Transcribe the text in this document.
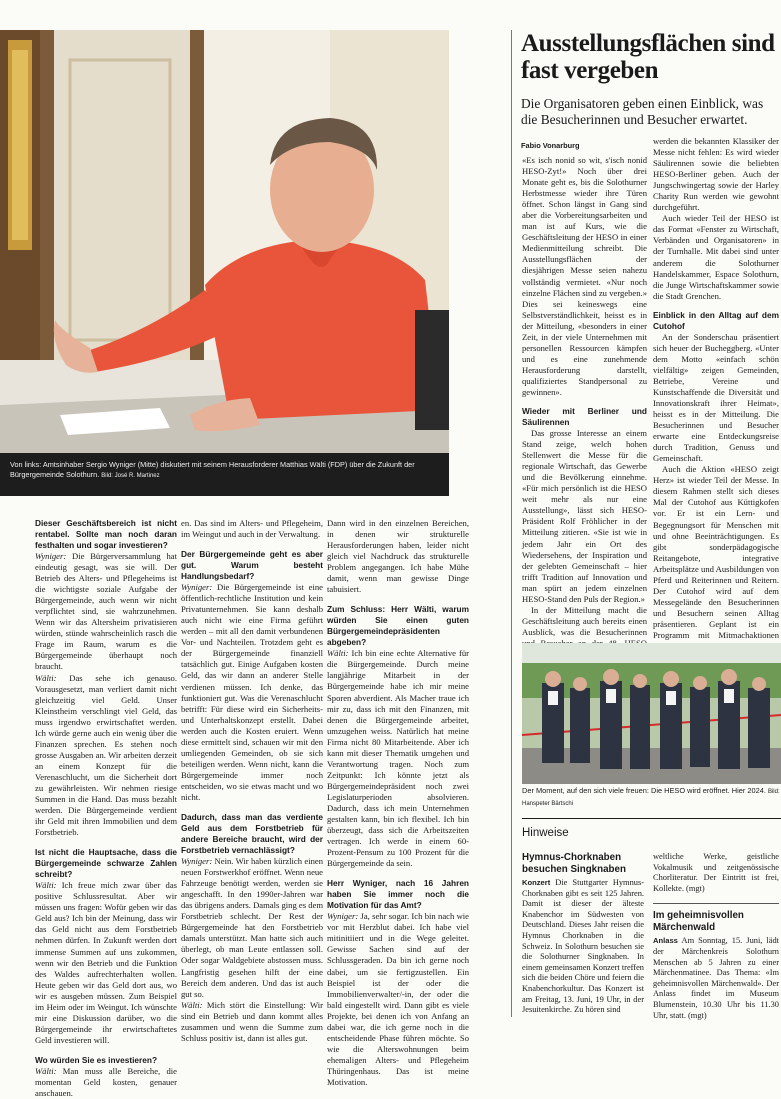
Von links: Amtsinhaber Sergio Wyniger (Mitte) diskutiert mit seinem Herausforderer Matthias Wälti (FDP) über die Zukunft der Bürgergemeinde Solothurn. Bild: José R. Martinez

Dieser Geschäftsbereich ist nicht rentabel. Sollte man noch daran festhalten und sogar investieren?

Wyniger: Die Bürgerversammlung hat eindeutig gesagt, was sie will. Der Betrieb des Alters- und Pflegeheims ist die wichtigste soziale Aufgabe der Bürgergemeinde, auch wenn wir nicht verpflichtet sind, sie wahrzunehmen. Wenn wir das Altersheim privatisieren würden, stünde wahrscheinlich rasch die Frage im Raum, warum es die Bürgergemeinde überhaupt noch braucht.

Wälti: Das sehe ich genauso. Vorausgesetzt, man verliert damit nicht gleichzeitig viel Geld. Unser Kleinstheim verschlingt viel Geld, das muss irgendwo erwirtschaftet werden. Ich würde gerne auch ein wenig über die Finanzen sprechen. Es stehen noch grosse Ausgaben an. Wir arbeiten derzeit an einem Konzept für die Verenaschlucht, um die Sicherheit dort zu gewährleisten. Wir nehmen riesige Summen in die Hand. Das muss bezahlt werden. Die Bürgergemeinde verdient ihr Geld mit ihren Immobilien und dem Forstbetrieb.

Ist nicht die Hauptsache, dass die Bürgergemeinde schwarze Zahlen schreibt?

Wälti: Ich freue mich zwar über das positive Schlussresultat. Aber wir müssen uns fragen: Wofür geben wir das Geld aus? Ich bin der Meinung, dass wir das Geld nicht aus dem Forstbetrieb nehmen dürfen. In Zukunft werden dort immense Summen auf uns zukommen, wenn wir den Betrieb und die Funktion des Waldes aufrechterhalten wollen. Heute geben wir das Geld dort aus, wo wir es ausgeben müssen. Zum Beispiel im Heim oder im Weingut. Ich wünschte mir eine Diskussion darüber, wo die Bürgergemeinde ihr erwirtschaftetes Geld investieren will.

Wo würden Sie es investieren?

Wälti: Man muss alle Bereiche, die momentan Geld kosten, genauer anschauen.

en. Das sind im Alters- und Pflegeheim, im Weingut und auch in der Verwaltung.

Der Bürgergemeinde geht es aber gut. Warum besteht Handlungsbedarf?

Wyniger: Die Bürgergemeinde ist eine öffentlich-rechtliche Institution und kein Privatunternehmen. Sie kann deshalb auch nicht wie eine Firma geführt werden – mit all den damit verbundenen Vor- und Nachteilen. Trotzdem geht es der Bürgergemeinde finanziell tatsächlich gut. Einige Aufgaben kosten Geld, das wir dann an anderer Stelle verdienen müssen. Ich denke, das funktioniert gut. Was die Verenaschlucht betrifft: Für diese wird ein Sicherheits- und Unterhaltskonzept erstellt. Dabei werden auch die Kosten eruiert. Wenn diese ermittelt sind, schauen wir mit den umliegenden Gemeinden, ob sie sich beteiligen werden. Wenn nicht, kann die Bürgergemeinde immer noch entscheiden, wo sie etwas macht und wo nicht.

Dadurch, dass man das verdiente Geld aus dem Forstbetrieb für andere Bereiche braucht, wird der Forstbetrieb vernachlässigt?

Wyniger: Nein. Wir haben kürzlich einen neuen Forstwerkhof eröffnet. Wenn neue Fahrzeuge benötigt werden, werden sie angeschafft. In den 1990er-Jahren war das übrigens anders. Damals ging es dem Forstbetrieb schlecht. Der Rest der Bürgergemeinde hat den Forstbetrieb damals unterstützt. Man hatte sich auch überlegt, ob man Leute entlassen soll. Oder sogar Waldgebiete abstossen muss. Langfristig gesehen hilft der eine Bereich dem anderen. Und das ist auch gut so.

Wälti: Mich stört die Einstellung: Wir sind ein Betrieb und dann kommt alles zusammen und wenn die Summe zum Schluss positiv ist, dann ist alles gut.

Dann wird in den einzelnen Bereichen, in denen wir strukturelle Herausforderungen haben, leider nicht gleich viel Nachdruck das strukturelle Problem angegangen. Ich habe Mühe damit, wenn man gewisse Dinge tabuisiert.

Zum Schluss: Herr Wälti, warum würden Sie einen guten Bürgergemeindepräsidenten abgeben?

Wälti: Ich bin eine echte Alternative für die Bürgergemeinde. Durch meine langjährige Mitarbeit in der Bürgergemeinde habe ich mir meine Sporen abverdient. Als Macher traue ich mir zu, dass ich mit den Finanzen, mit denen die Bürgergemeinde arbeitet, umzugehen weiss. Natürlich hat meine Firma nicht 80 Mitarbeitende. Aber ich kann mit dieser Thematik umgehen und Verantwortung tragen. Noch zum Zeitpunkt: Ich könnte jetzt als Bürgergemeindepräsident noch zwei Legislaturperioden absolvieren. Dadurch, dass ich mein Unternehmen gestalten kann, bin ich flexibel. Ich bin überzeugt, dass sich die Arbeitszeiten vertragen. Ich werde in einem 60-Prozent-Pensum zu 100 Prozent für die Bürgergemeinde da sein.

Herr Wyniger, nach 16 Jahren haben Sie immer noch die Motivation für das Amt?

Wyniger: Ja, sehr sogar. Ich bin nach wie vor mit Herzblut dabei. Ich habe viel mitinitiiert und in die Wege geleitet. Gewisse Sachen sind auf der Schlussgeraden. Da bin ich gerne noch dabei, um sie fertigzustellen. Ein Beispiel ist der oder die Immobilienverwalter/-in, der oder die bald eingestellt wird. Dann gibt es viele Projekte, bei denen ich von Anfang an dabei war, die ich gerne noch in die entscheidende Phase führen möchte. So wie die Alterswohnungen beim ehemaligen Alters- und Pflegeheim Thüringenhaus. Das ist meine Motivation.

Ausstellungsflächen sind fast vergeben
Die Organisatoren geben einen Einblick, was die Besucherinnen und Besucher erwartet.
Fabio Vonarburg

«Es isch nonid so wit, s'isch nonid HESO-Zyt!» Noch über drei Monate geht es, bis die Solothurner Herbstmesse wieder ihre Türen öffnet. Schon längst in Gang sind aber die Vorbereitungsarbeiten und man ist auf Kurs, wie die Geschäftsleitung der HESO in einer Medienmitteilung schreibt. Die Ausstellungsflächen der diesjährigen Messe seien nahezu vollständig vermietet. «Nur noch einzelne Flächen sind zu vergeben.» Dies sei keineswegs eine Selbstverständlichkeit, heisst es in der Mitteilung, «besonders in einer Zeit, in der viele Unternehmen mit personellen Ressourcen kämpfen und es eine zunehmende Herausforderung darstellt, qualifiziertes Standpersonal zu gewinnen».

Wieder mit Berliner und Säulirennen

Das grosse Interesse an einem Stand zeige, welch hohen Stellenwert die Messe für die regionale Wirtschaft, das Gewerbe und die Bevölkerung einnehme. «Für mich persönlich ist die HESO weit mehr als nur eine Ausstellung», lässt sich HESO-Präsident Rolf Fröhlicher in der Mitteilung zitieren. «Sie ist wie in jedem Jahr ein Ort des Wiedersehens, der Inspiration und der gelebten Gemeinschaft – hier trifft Tradition auf Innovation und man spürt an jedem einzelnen HESO-Stand den Puls der Region.»

In der Mitteilung macht die Geschäftsleitung auch bereits einen Ausblick, was die Besucherinnen

werden die bekannten Klassiker der Messe nicht fehlen: Es wird wieder Säulirennen sowie die beliebten HESO-Berliner geben. Auch der Jungschwingertag sowie der Harley Charity Run werden wie gewohnt durchgeführt.

Auch wieder Teil der HESO ist das Format «Fenster zu Wirtschaft, Verbänden und Organisatoren» in der Turnhalle. Mit dabei sind unter anderem die Solothurner Handelskammer, Espace Solothurn, die Junge Wirtschaftskammer sowie die Stadt Grenchen.

Einblick in den Alltag auf dem Cutohof

An der Sonderschau präsentiert sich heuer der Bucheggberg. «Unter dem Motto «einfach schön vielfältig» zeigen Gemeinden, Betriebe, Vereine und Kunstschaffende die Diversität und Innovationskraft ihrer Heimat», heisst es in der Mitteilung. Die Besucherinnen und Besucher erwarte eine Entdeckungsreise durch Tradition, Genuss und Gemeinschaft.

Auch die Aktion «HESO zeigt Herz» ist wieder Teil der Messe. In diesem Rahmen stellt sich dieses Mal der Cutohof aus Küttigkofen vor. Er ist ein Lern- und Begegnungsort für Menschen mit und ohne Beeinträchtigungen. Es gibt sonderpädagogische Reitangebote, integrative Arbeitsplätze und Ausbildungen von Pferd und Reiterinnen und Reitern. Der Cutohof wird auf dem Messegelände den Besucherinnen und Besuchern seinen Alltag präsentieren. Geplant ist ein Programm mit Mitmachaktionen

Der Moment, auf den sich viele freuen: Die HESO wird eröffnet. Hier 2024. Bild: Hanspeter Bärtschi
Hinweise
Hymnus-Chorknaben besuchen Singknaben
Konzert Die Stuttgarter Hymnus-Chorknaben gibt es seit 125 Jahren. Damit ist dieser der älteste Knabenchor im Südwesten von Deutschland. Dieses Jahr reisen die Hymnus Chorknaben in die Schweiz. In Solothurn besuchen sie die Solothurner Singknaben. In einem gemeinsamen Konzert treffen sich die beiden Chöre und feiern die Knabenchorkultur. Das Konzert ist am Freitag, 13. Juni, 19 Uhr, in der Jesuitenkirche. Zu hören sind
weltliche Werke, geistliche Vokalmusik und zeitgenössische Chorliteratur. Der Eintritt ist frei, Kollekte. (mgt)
Im geheimnisvollen Märchenwald
Anlass Am Sonntag, 15. Juni, lädt der Märchenkreis Solothurn Menschen ab 5 Jahren zu einer Märchenmatinee. Das Thema: «Im geheimnisvollen Märchenwald». Der Anlass findet im Museum Blumenstein, 10.30 Uhr bis 11.30 Uhr, statt. (mgt)
